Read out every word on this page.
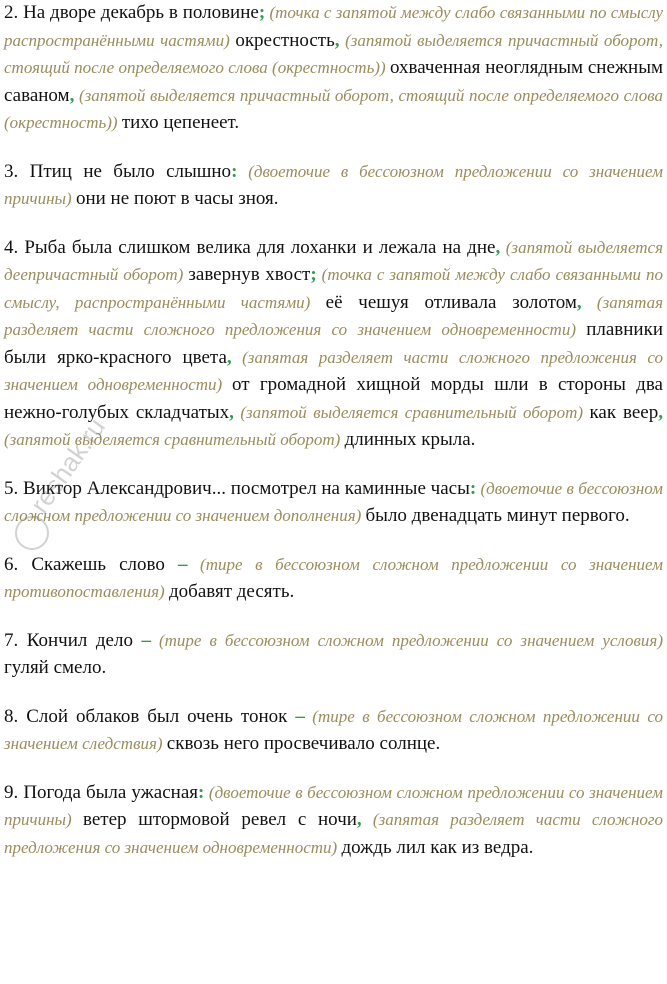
2. На дворе декабрь в половине; (точка с запятой между слабо связанными по смыслу распространёнными частями) окрестность, (запятой выделяется причастный оборот, стоящий после определяемого слова (окрестность)) охваченная неоглядным снежным саваном, (запятой выделяется причастный оборот, стоящий после определяемого слова (окрестность)) тихо цепенеет.

3. Птиц не было слышно: (двоеточие в бессоюзном предложении со значением причины) они не поют в часы зноя.

4. Рыба была слишком велика для лоханки и лежала на дне, (запятой выделяется деепричастный оборот) завернув хвост; (точка с запятой между слабо связанными по смыслу, распространёнными частями) её чешуя отливала золотом, (запятая разделяет части сложного предложения со значением одновременности) плавники были ярко-красного цвета, (запятая разделяет части сложного предложения со значением одновременности) от громадной хищной морды шли в стороны два нежно-голубых складчатых, (запятой выделяется сравнительный оборот) как веер, (запятой выделяется сравнительный оборот) длинных крыла.

5. Виктор Александрович... посмотрел на каминные часы: (двоеточие в бессоюзном сложном предложении со значением дополнения) было двенадцать минут первого.

6. Скажешь слово – (тире в бессоюзном сложном предложении со значением противопоставления) добавят десять.

7. Кончил дело – (тире в бессоюзном сложном предложении со значением условия) гуляй смело.

8. Слой облаков был очень тонок – (тире в бессоюзном сложном предложении со значением следствия) сквозь него просвечивало солнце.

9. Погода была ужасная: (двоеточие в бессоюзном сложном предложении со значением причины) ветер штормовой ревел с ночи, (запятая разделяет части сложного предложения со значением одновременности) дождь лил как из ведра.

reshak.ru
